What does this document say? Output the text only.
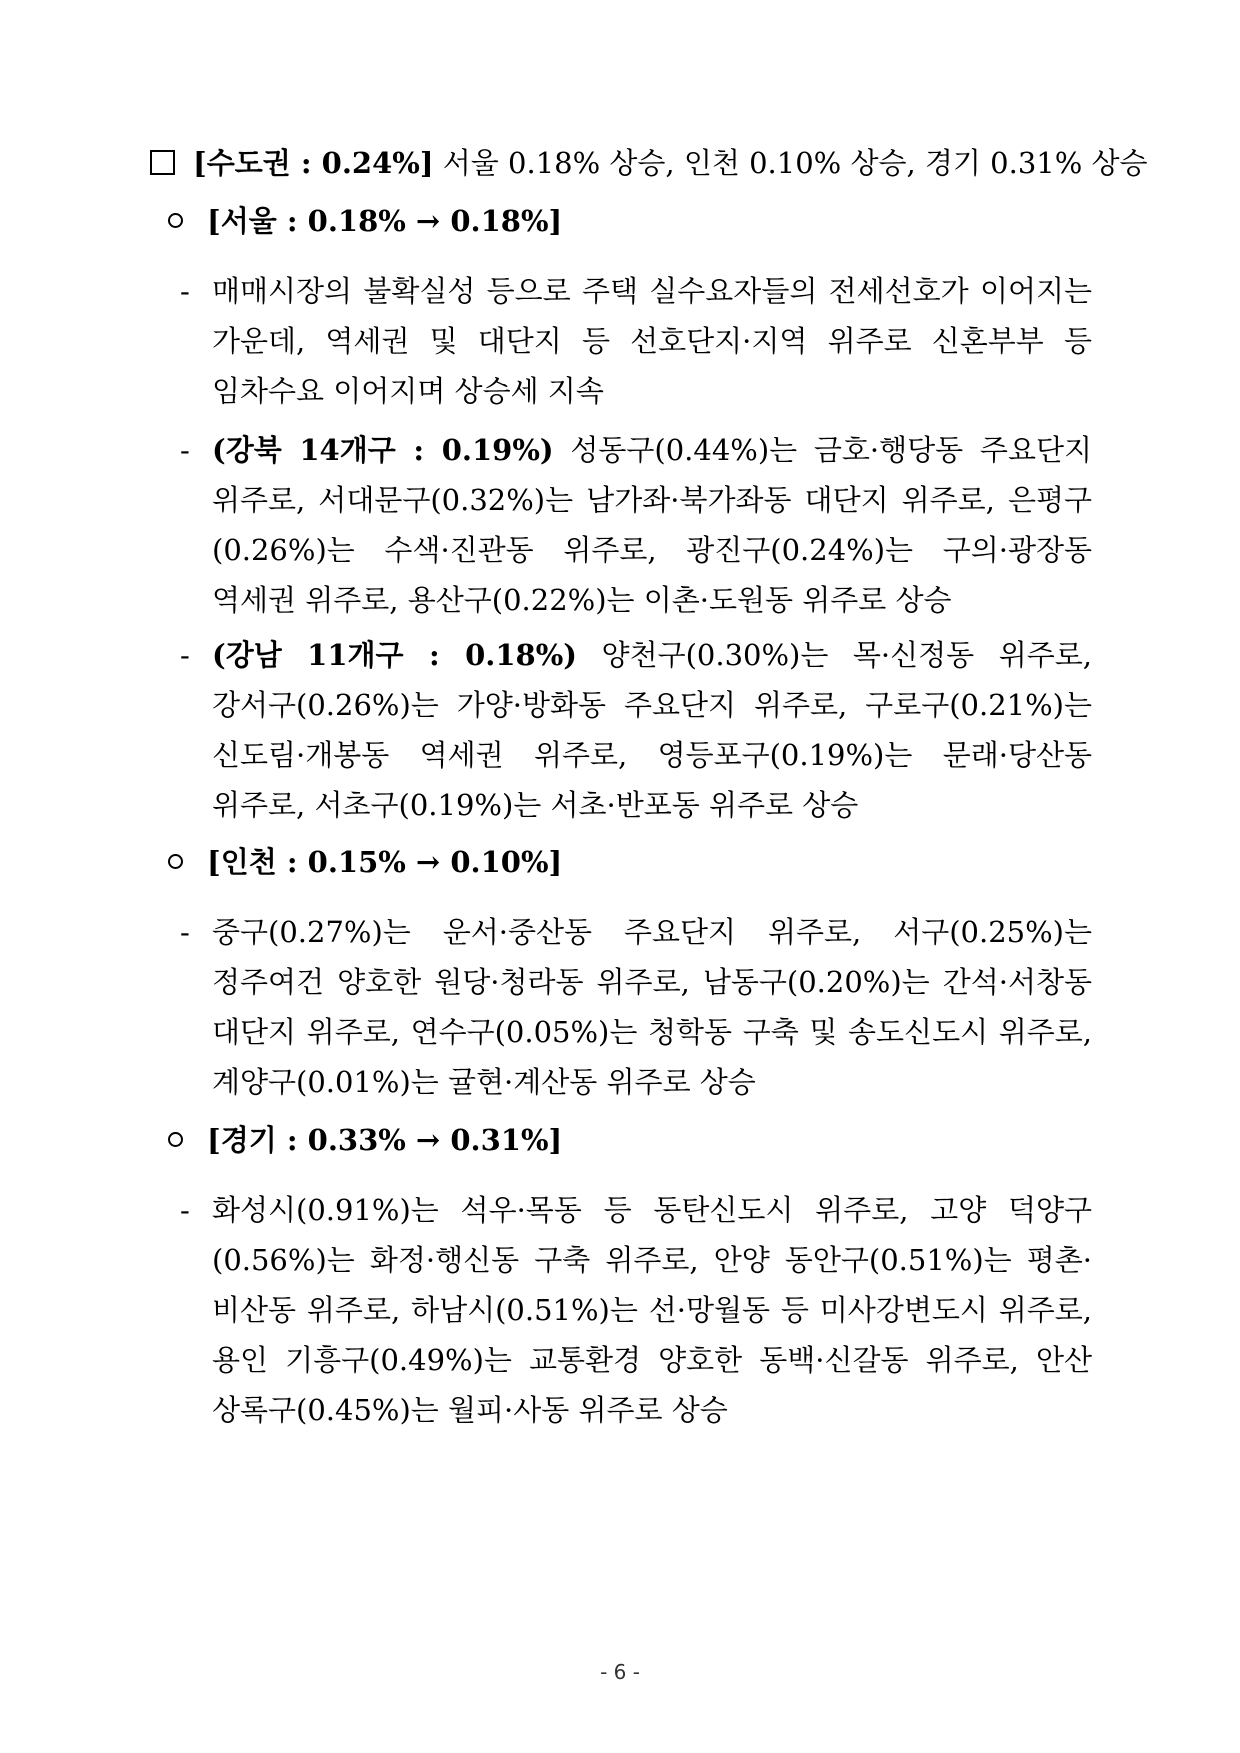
[수도권 : 0.24%] 서울 0.18% 상승, 인천 0.10% 상승, 경기 0.31% 상승
[서울 : 0.18% → 0.18%]
- 매매시장의 불확실성 등으로 주택 실수요자들의 전세선호가 이어지는 가운데, 역세권 및 대단지 등 선호단지·지역 위주로 신혼부부 등 임차수요 이어지며 상승세 지속
- (강북 14개구 : 0.19%) 성동구(0.44%)는 금호·행당동 주요단지 위주로, 서대문구(0.32%)는 남가좌·북가좌동 대단지 위주로, 은평구(0.26%)는 수색·진관동 위주로, 광진구(0.24%)는 구의·광장동 역세권 위주로, 용산구(0.22%)는 이촌·도원동 위주로 상승
- (강남 11개구 : 0.18%) 양천구(0.30%)는 목·신정동 위주로, 강서구(0.26%)는 가양·방화동 주요단지 위주로, 구로구(0.21%)는 신도림·개봉동 역세권 위주로, 영등포구(0.19%)는 문래·당산동 위주로, 서초구(0.19%)는 서초·반포동 위주로 상승
[인천 : 0.15% → 0.10%]
- 중구(0.27%)는 운서·중산동 주요단지 위주로, 서구(0.25%)는 정주여건 양호한 원당·청라동 위주로, 남동구(0.20%)는 간석·서창동 대단지 위주로, 연수구(0.05%)는 청학동 구축 및 송도신도시 위주로, 계양구(0.01%)는 귤현·계산동 위주로 상승
[경기 : 0.33% → 0.31%]
- 화성시(0.91%)는 석우·목동 등 동탄신도시 위주로, 고양 덕양구(0.56%)는 화정·행신동 구축 위주로, 안양 동안구(0.51%)는 평촌·비산동 위주로, 하남시(0.51%)는 선·망월동 등 미사강변도시 위주로, 용인 기흥구(0.49%)는 교통환경 양호한 동백·신갈동 위주로, 안산 상록구(0.45%)는 월피·사동 위주로 상승
- 6 -
